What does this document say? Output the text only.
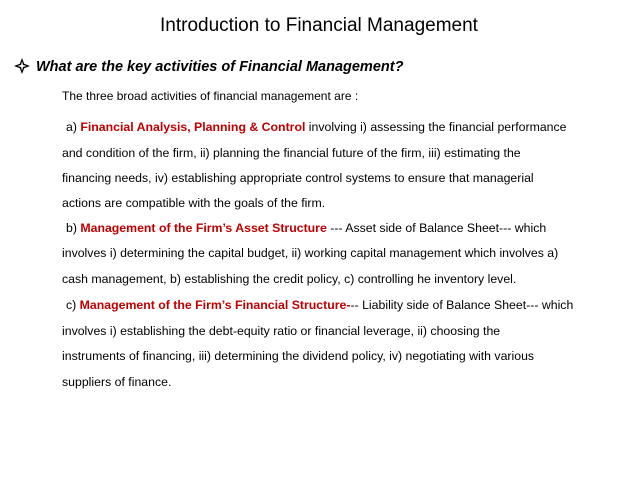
Introduction to Financial Management
What are the key activities of Financial Management?
The three broad activities of financial management are :
a) Financial Analysis, Planning & Control involving i) assessing the financial performance
and condition of the firm, ii) planning the financial future of the firm, iii) estimating the
financing needs, iv) establishing appropriate control systems to ensure that managerial
actions are compatible with the goals of the firm.
b) Management of the Firm’s Asset Structure --- Asset side of Balance Sheet--- which
involves i) determining the capital budget, ii) working capital management which involves a)
cash management, b) establishing the credit policy, c) controlling he inventory level.
c) Management of the Firm’s Financial Structure--- Liability side of Balance Sheet--- which
involves i) establishing the debt-equity ratio or financial leverage, ii) choosing the
instruments of financing, iii) determining the dividend policy, iv) negotiating with various
suppliers of finance.
